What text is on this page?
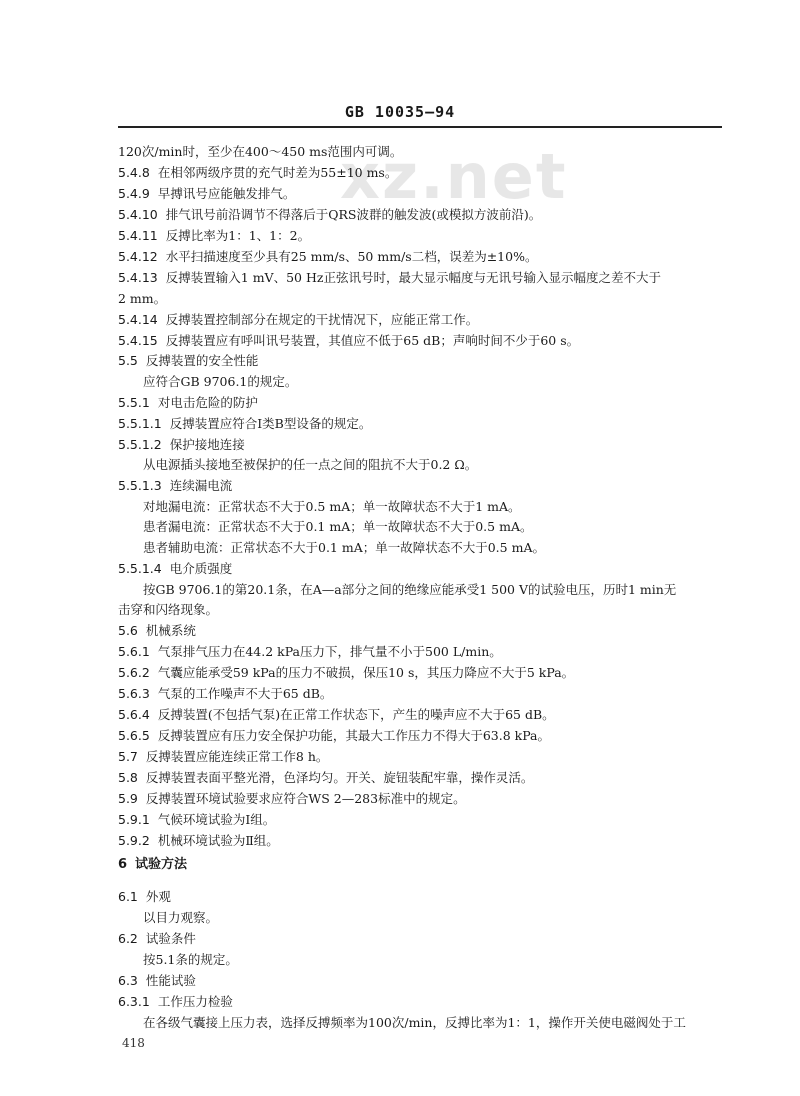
GB 10035—94
xz.net
120次/min时，至少在400～450 ms范围内可调。
5.4.8 在相邻两级序贯的充气时差为55±10 ms。
5.4.9 早搏讯号应能触发排气。
5.4.10 排气讯号前沿调节不得落后于QRS波群的触发波(或模拟方波前沿)。
5.4.11 反搏比率为1：1、1：2。
5.4.12 水平扫描速度至少具有25 mm/s、50 mm/s二档，误差为±10%。
5.4.13 反搏装置输入1 mV、50 Hz正弦讯号时，最大显示幅度与无讯号输入显示幅度之差不大于
2 mm。
5.4.14 反搏装置控制部分在规定的干扰情况下，应能正常工作。
5.4.15 反搏装置应有呼叫讯号装置，其值应不低于65 dB；声响时间不少于60 s。
5.5 反搏装置的安全性能
应符合GB 9706.1的规定。
5.5.1 对电击危险的防护
5.5.1.1 反搏装置应符合Ⅰ类B型设备的规定。
5.5.1.2 保护接地连接
从电源插头接地至被保护的任一点之间的阻抗不大于0.2 Ω。
5.5.1.3 连续漏电流
对地漏电流：正常状态不大于0.5 mA；单一故障状态不大于1 mA。
患者漏电流：正常状态不大于0.1 mA；单一故障状态不大于0.5 mA。
患者辅助电流：正常状态不大于0.1 mA；单一故障状态不大于0.5 mA。
5.5.1.4 电介质强度
按GB 9706.1的第20.1条，在A—a部分之间的绝缘应能承受1 500 V的试验电压，历时1 min无
击穿和闪络现象。
5.6 机械系统
5.6.1 气泵排气压力在44.2 kPa压力下，排气量不小于500 L/min。
5.6.2 气囊应能承受59 kPa的压力不破损，保压10 s，其压力降应不大于5 kPa。
5.6.3 气泵的工作噪声不大于65 dB。
5.6.4 反搏装置(不包括气泵)在正常工作状态下，产生的噪声应不大于65 dB。
5.6.5 反搏装置应有压力安全保护功能，其最大工作压力不得大于63.8 kPa。
5.7 反搏装置应能连续正常工作8 h。
5.8 反搏装置表面平整光滑，色泽均匀。开关、旋钮装配牢靠，操作灵活。
5.9 反搏装置环境试验要求应符合WS 2—283标准中的规定。
5.9.1 气候环境试验为Ⅰ组。
5.9.2 机械环境试验为Ⅱ组。
6 试验方法
6.1 外观
以目力观察。
6.2 试验条件
按5.1条的规定。
6.3 性能试验
6.3.1 工作压力检验
在各级气囊接上压力表，选择反搏频率为100次/min，反搏比率为1：1，操作开关使电磁阀处于工
418
